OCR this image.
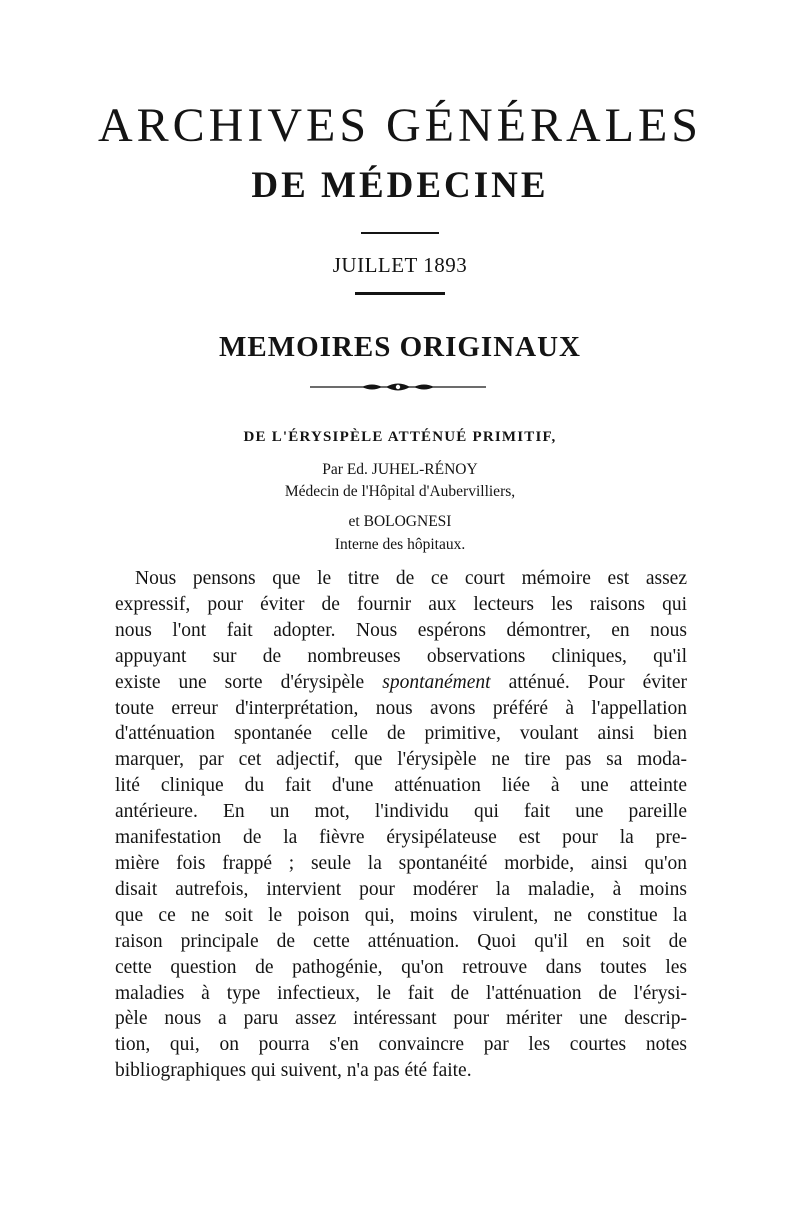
ARCHIVES GÉNÉRALES
DE MÉDECINE
JUILLET 1893
MEMOIRES ORIGINAUX
DE L'ÉRYSIPÈLE ATTÉNUÉ PRIMITIF,
Par Ed. JUHEL-RÉNOY
Médecin de l'Hôpital d'Aubervilliers,
et BOLOGNESI
Interne des hôpitaux.
Nous pensons que le titre de ce court mémoire est assez
expressif, pour éviter de fournir aux lecteurs les raisons qui
nous l'ont fait adopter. Nous espérons démontrer, en nous
appuyant sur de nombreuses observations cliniques, qu'il
existe une sorte d'érysipèle spontanément atténué. Pour éviter
toute erreur d'interprétation, nous avons préféré à l'appellation
d'atténuation spontanée celle de primitive, voulant ainsi bien
marquer, par cet adjectif, que l'érysipèle ne tire pas sa moda-
lité clinique du fait d'une atténuation liée à une atteinte
antérieure. En un mot, l'individu qui fait une pareille
manifestation de la fièvre érysipélateuse est pour la pre-
mière fois frappé ; seule la spontanéité morbide, ainsi qu'on
disait autrefois, intervient pour modérer la maladie, à moins
que ce ne soit le poison qui, moins virulent, ne constitue la
raison principale de cette atténuation. Quoi qu'il en soit de
cette question de pathogénie, qu'on retrouve dans toutes les
maladies à type infectieux, le fait de l'atténuation de l'érysi-
pèle nous a paru assez intéressant pour mériter une descrip-
tion, qui, on pourra s'en convaincre par les courtes notes
bibliographiques qui suivent, n'a pas été faite.
